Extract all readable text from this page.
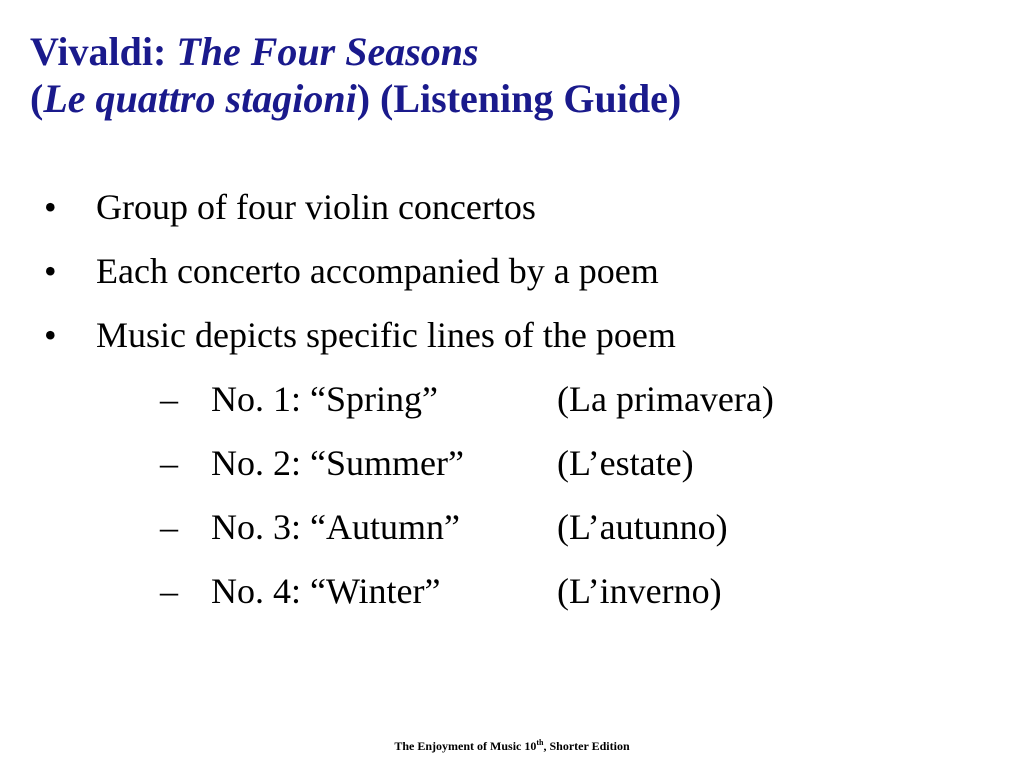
Vivaldi: The Four Seasons
(Le quattro stagioni) (Listening Guide)
• Group of four violin concertos
• Each concerto accompanied by a poem
• Music depicts specific lines of the poem
– No. 1: “Spring”	(La primavera)
– No. 2: “Summer”	(L’estate)
– No. 3: “Autumn”	(L’autunno)
– No. 4: “Winter”	(L’inverno)
The Enjoyment of Music 10th, Shorter Edition
